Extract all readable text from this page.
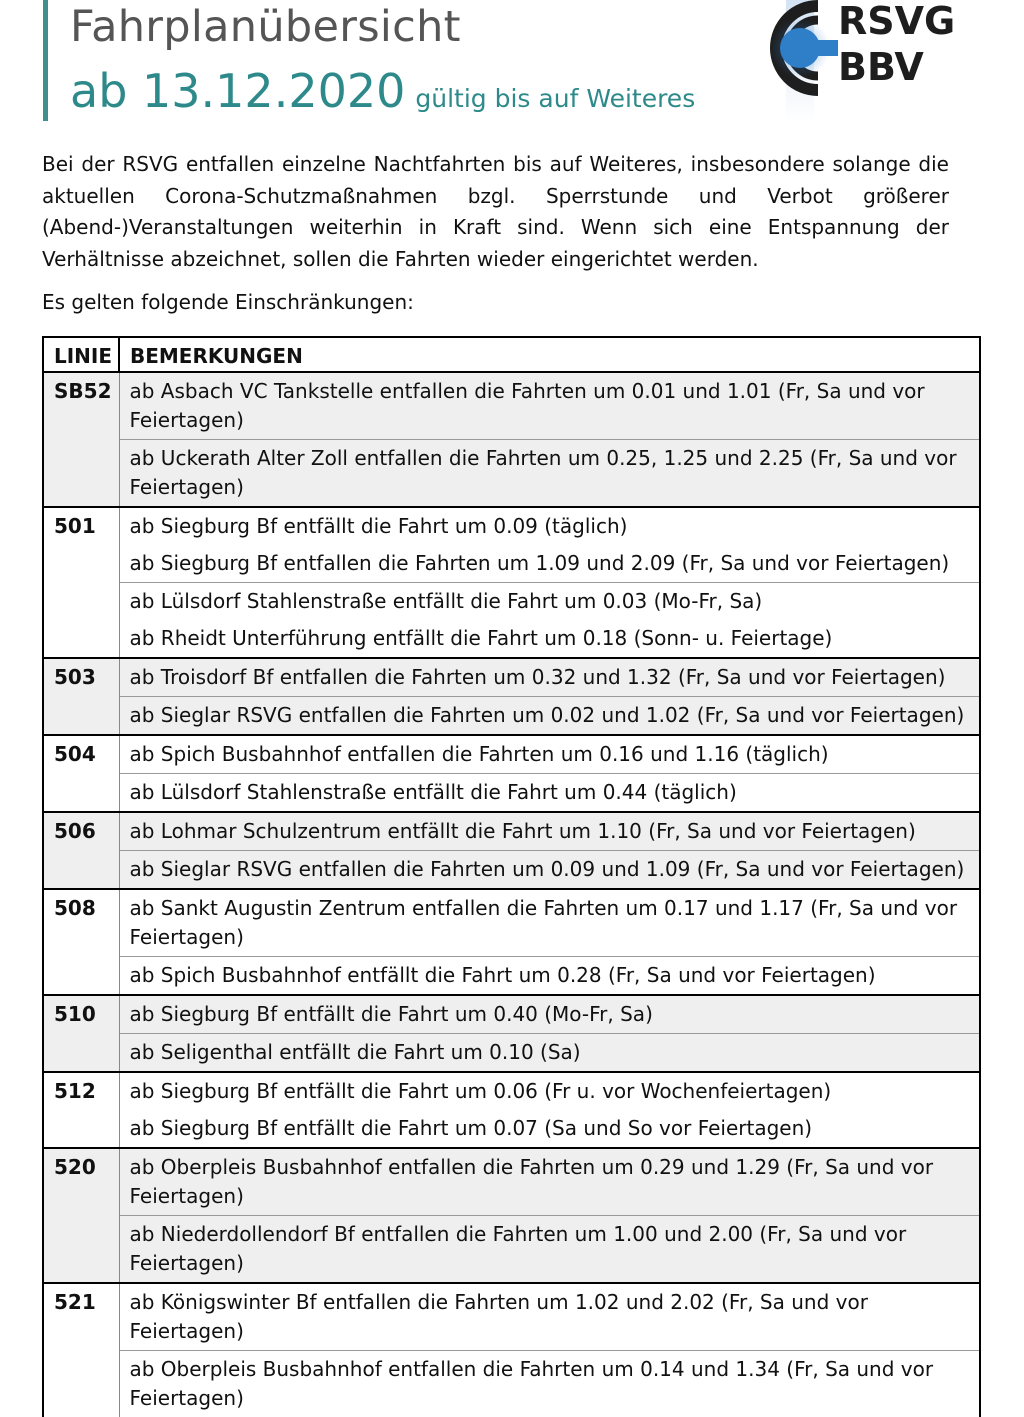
Fahrplanübersicht
ab 13.12.2020 gültig bis auf Weiteres
RSVG
BBV
Bei der RSVG entfallen einzelne Nachtfahrten bis auf Weiteres, insbesondere solange die aktuellen Corona-Schutzmaßnahmen bzgl. Sperrstunde und Verbot größerer (Abend-)Veranstaltungen weiterhin in Kraft sind. Wenn sich eine Entspannung der Verhältnisse abzeichnet, sollen die Fahrten wieder eingerichtet werden.
Es gelten folgende Einschränkungen:
LINIE	BEMERKUNGEN

SB52	ab Asbach VC Tankstelle entfallen die Fahrten um 0.01 und 1.01 (Fr, Sa und vor Feiertagen)

	ab Uckerath Alter Zoll entfallen die Fahrten um 0.25, 1.25 und 2.25 (Fr, Sa und vor Feiertagen)

501	ab Siegburg Bf entfällt die Fahrt um 0.09 (täglich)

	ab Siegburg Bf entfallen die Fahrten um 1.09 und 2.09 (Fr, Sa und vor Feiertagen)

	ab Lülsdorf Stahlenstraße entfällt die Fahrt um 0.03 (Mo-Fr, Sa)

	ab Rheidt Unterführung entfällt die Fahrt um 0.18 (Sonn- u. Feiertage)

503	ab Troisdorf Bf entfallen die Fahrten um 0.32 und 1.32 (Fr, Sa und vor Feiertagen)

	ab Sieglar RSVG entfallen die Fahrten um 0.02 und 1.02 (Fr, Sa und vor Feiertagen)

504	ab Spich Busbahnhof entfallen die Fahrten um 0.16 und 1.16 (täglich)

	ab Lülsdorf Stahlenstraße entfällt die Fahrt um 0.44 (täglich)

506	ab Lohmar Schulzentrum entfällt die Fahrt um 1.10 (Fr, Sa und vor Feiertagen)

	ab Sieglar RSVG entfallen die Fahrten um 0.09 und 1.09 (Fr, Sa und vor Feiertagen)

508	ab Sankt Augustin Zentrum entfallen die Fahrten um 0.17 und 1.17 (Fr, Sa und vor Feiertagen)

	ab Spich Busbahnhof entfällt die Fahrt um 0.28 (Fr, Sa und vor Feiertagen)

510	ab Siegburg Bf entfällt die Fahrt um 0.40 (Mo-Fr, Sa)

	ab Seligenthal entfällt die Fahrt um 0.10 (Sa)

512	ab Siegburg Bf entfällt die Fahrt um 0.06 (Fr u. vor Wochenfeiertagen)

	ab Siegburg Bf entfällt die Fahrt um 0.07 (Sa und So vor Feiertagen)

520	ab Oberpleis Busbahnhof entfallen die Fahrten um 0.29 und 1.29 (Fr, Sa und vor Feiertagen)

	ab Niederdollendorf Bf entfallen die Fahrten um 1.00 und 2.00 (Fr, Sa und vor Feiertagen)

521	ab Königswinter Bf entfallen die Fahrten um 1.02 und 2.02 (Fr, Sa und vor Feiertagen)

	ab Oberpleis Busbahnhof entfallen die Fahrten um 0.14 und 1.34 (Fr, Sa und vor Feiertagen)
